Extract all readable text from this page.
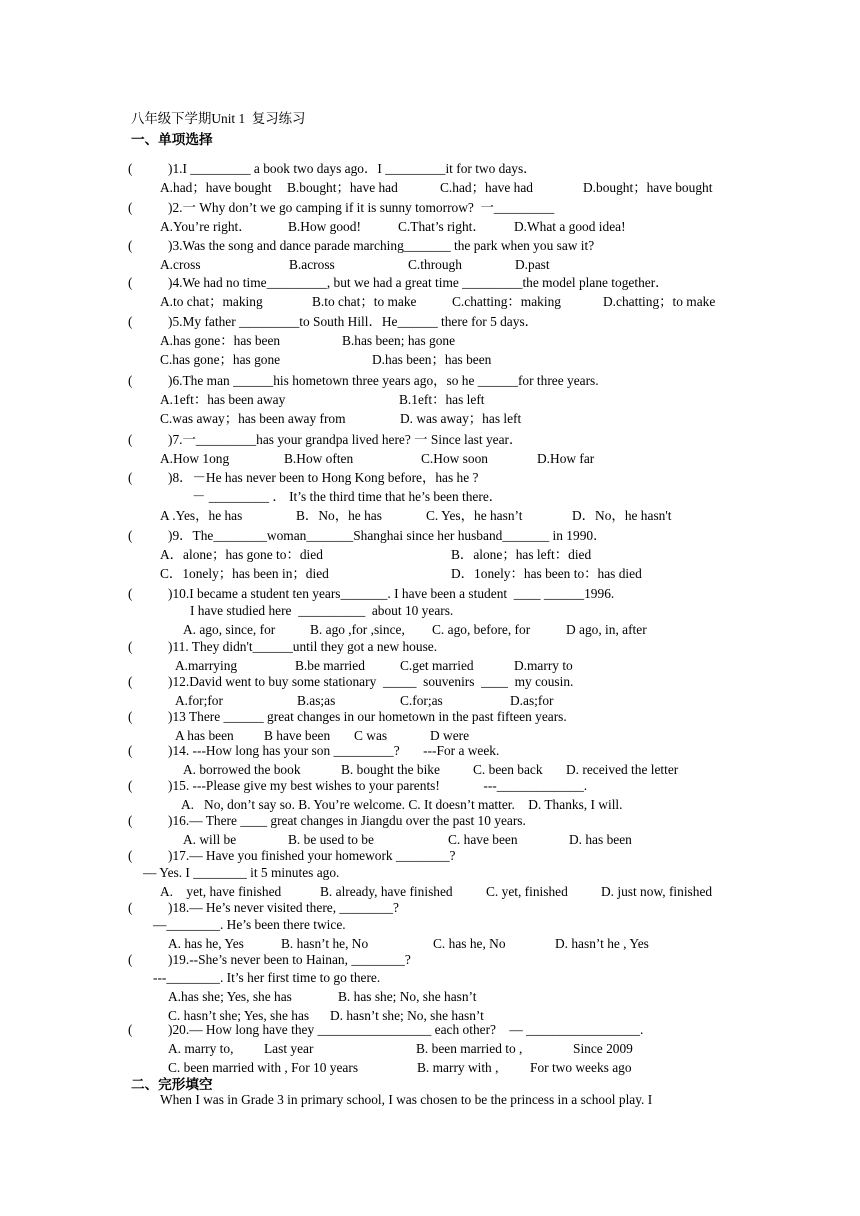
八年级下学期Unit 1  复习练习
一、单项选择
(	)1.I _________ a book two days ago．I _________it for two days．
A.had；have bought B.bought；have had	C.had；have had	D.bought；have bought
(	)2.一 Why don’t we go camping if it is sunny tomorrow?  一_________
A.You’re right．	B.How good!	C.That’s right． D.What a good idea!
(	)3.Was the song and dance parade marching_______ the park when you saw it?
A.cross	B.across	C.through	D.past
(	)4.We had no time_________, but we had a great time _________the model plane together．
A.to chat；making	B.to chat；to make	C.chatting：making	D.chatting；to make
(	)5.My father _________to South Hill．He______ there for 5 days．
A.has gone：has been	B.has been; has gone
C.has gone；has gone	D.has been；has been
(	)6.The man ______his hometown three years ago，so he ______for three years.
A.1eft：has been away	B.1eft：has left
C.was away；has been away from	D. was away；has left
(	)7.一_________has your grandpa lived here? 一 Since last year．
A.How 1ong	B.How often	C.How soon	D.How far
(	)8．－He has never been to Hong Kong before，has he ?
－ _________ ． It’s the third time that he’s been there．
A .Yes，he has	B．No，he has	C. Yes，he hasn’t	D．No，he hasn't
(	)9．The________woman_______Shanghai since her husband_______ in 1990．
A．alone；has gone to：died	B．alone；has left：died
C．1onely；has been in；died	D．1onely：has been to：has died
(	)10.I became a student ten years_______. I have been a student  ____ ______1996.
I have studied here  __________  about 10 years.
A. ago, since, for	B. ago ,for ,since, C. ago, before, for	D ago, in, after
(	)11. They didn't______until they got a new house.
A.marrying	B.be married	C.get married	D.marry to
(	)12.David went to buy some stationary  _____  souvenirs  ____  my cousin.
A.for;for	B.as;as	C.for;as	D.as;for
(	)13 There ______ great changes in our hometown in the past fifteen years.
A has been B have been C was	D were
(	)14. ---How long has your son _________?       ---For a week.
A. borrowed the book	B. bought the bike C. been back D. received the letter
(	)15. ---Please give my best wishes to your parents!             ---_____________.
A.   No, don’t say so. B. You’re welcome. C. It doesn’t matter.    D. Thanks, I will.
(	)16.— There ____ great changes in Jiangdu over the past 10 years.
A. will be	B. be used to be	C. have been	D. has been
(	)17.— Have you finished your homework ________?
— Yes. I ________ it 5 minutes ago.
A.    yet, have finished	B. already, have finished C. yet, finished D. just now, finished
(	)18.— He’s never visited there, ________?
—________. He’s been there twice.
A. has he, Yes	B. hasn’t he, No	C. has he, No	D. hasn’t he , Yes
(	)19.--She’s never been to Hainan, ________?
---________. It’s her first time to go there.
A.has she; Yes, she has	B. has she; No, she hasn’t
C. hasn’t she; Yes, she has D. hasn’t she; No, she hasn’t
(	)20.— How long have they _________________ each other?    — _________________.
A. marry to, Last year	B. been married to ,	Since 2009
C. been married with , For 10 years	B. marry with , For two weeks ago
二、完形填空
When I was in Grade 3 in primary school, I was chosen to be the princess in a school play. I
